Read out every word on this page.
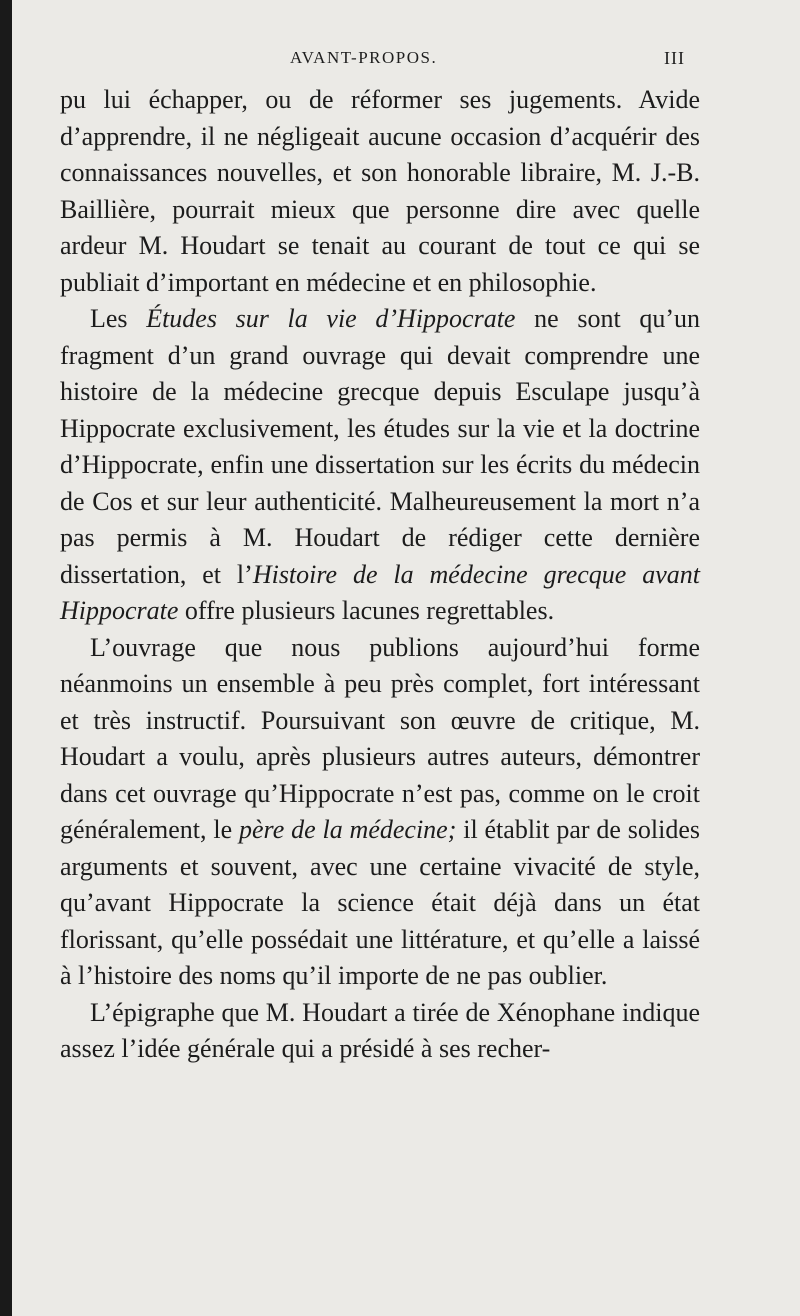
AVANT-PROPOS.	III

pu lui échapper, ou de réformer ses jugements. Avide d’apprendre, il ne négligeait aucune occasion d’acquérir des connaissances nouvelles, et son honorable libraire, M. J.-B. Baillière, pourrait mieux que personne dire avec quelle ardeur M. Houdart se tenait au courant de tout ce qui se publiait d’important en médecine et en philosophie.

Les Études sur la vie d’Hippocrate ne sont qu’un fragment d’un grand ouvrage qui devait comprendre une histoire de la médecine grecque depuis Esculape jusqu’à Hippocrate exclusivement, les études sur la vie et la doctrine d’Hippocrate, enfin une dissertation sur les écrits du médecin de Cos et sur leur authenticité. Malheureusement la mort n’a pas permis à M. Houdart de rédiger cette dernière dissertation, et l’Histoire de la médecine grecque avant Hippocrate offre plusieurs lacunes regrettables.

L’ouvrage que nous publions aujourd’hui forme néanmoins un ensemble à peu près complet, fort intéressant et très instructif. Poursuivant son œuvre de critique, M. Houdart a voulu, après plusieurs autres auteurs, démontrer dans cet ouvrage qu’Hippocrate n’est pas, comme on le croit généralement, le père de la médecine; il établit par de solides arguments et souvent, avec une certaine vivacité de style, qu’avant Hippocrate la science était déjà dans un état florissant, qu’elle possédait une littérature, et qu’elle a laissé à l’histoire des noms qu’il importe de ne pas oublier.

L’épigraphe que M. Houdart a tirée de Xénophane indique assez l’idée générale qui a présidé à ses recher-
